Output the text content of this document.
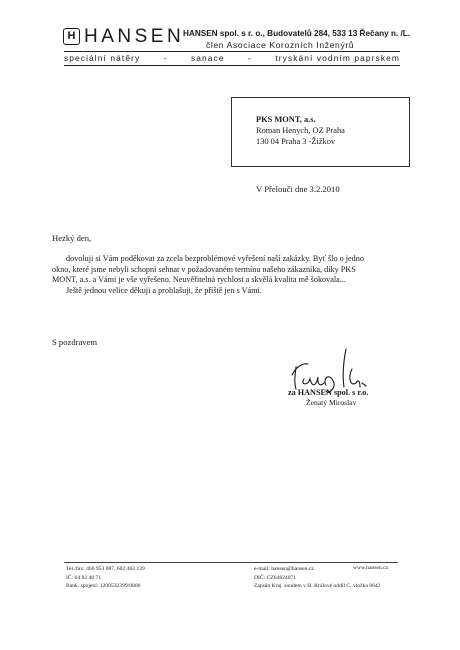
H HANSEN
HANSEN spol. s r. o., Budovatelů 284, 533 13 Řečany n. /L.
člen Asociace Korozních Inženýrů
speciální nátěry	-	sanace	-	tryskání vodním paprskem
PKS MONT, a.s.
Roman Henych, OZ Praha
130 04 Praha 3 -Žižkov
V Přelouči dne 3.2.2010
Hezký den,
dovoluji si Vám poděkovat za zcela bezproblémové vyřešení naší zakázky. Byť šlo o jedno
okno, které jsme nebyli schopni sehnat v požadovaném termínu našeho zákazníka, díky PKS
MONT, a.s. a Vámi je vše vyřešeno. Neuvěřitelná rychlost a skvělá kvalita mě šokovala...
Ještě jednou velice děkuji a prohlašuji, že příště jen s Vámi.
S pozdravem
za HANSEN spol. s r.o.
Ženatý Miroslav
Tel./fax: 466 953 087, 602 402 139
IČ: 64 82 40 71
Bank. spojení: 1200532399/0800
e-mail: hansen@hansen.cz
DIČ: CZ64824071
Zapsán Kraj. soudem v H. Králové oddíl C, vložka 8642
www.hansen.cz
